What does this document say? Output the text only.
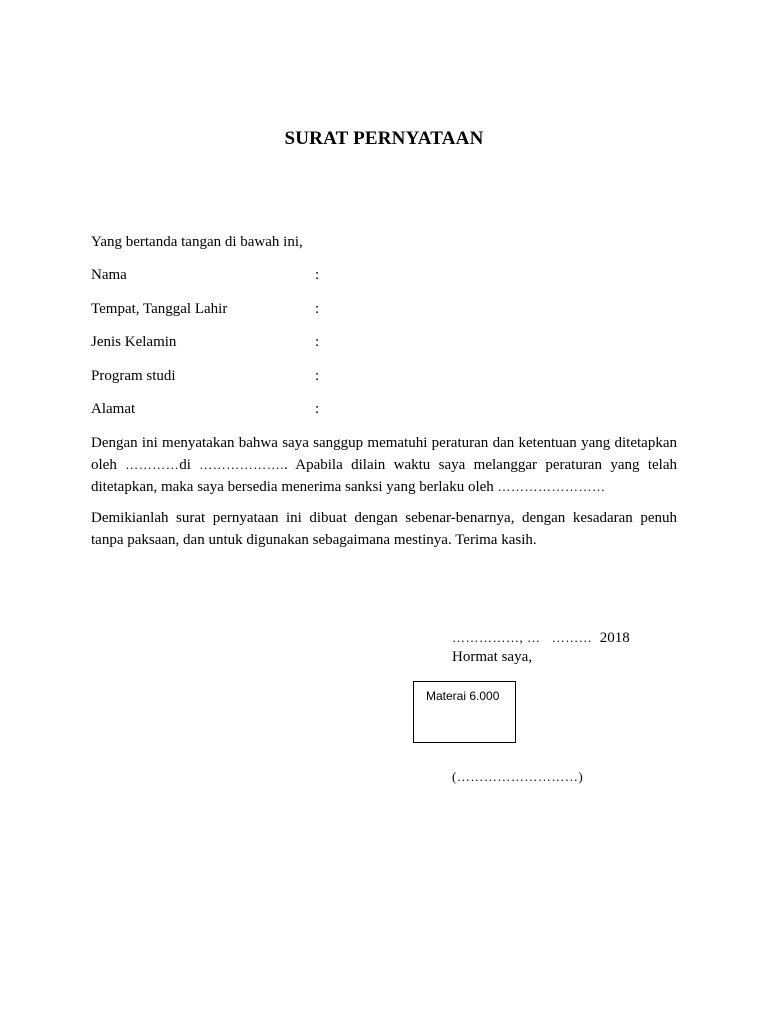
SURAT PERNYATAAN
Yang bertanda tangan di bawah ini,
Nama	:
Tempat, Tanggal Lahir	:
Jenis Kelamin	:
Program studi	:
Alamat	:
Dengan ini menyatakan bahwa saya sanggup mematuhi peraturan dan ketentuan yang ditetapkan oleh …………di ……………….. Apabila dilain waktu saya melanggar peraturan yang telah ditetapkan, maka saya bersedia menerima sanksi yang berlaku oleh ……………………
Demikianlah surat pernyataan ini dibuat dengan sebenar-benarnya, dengan kesadaran penuh tanpa paksaan, dan untuk digunakan sebagaimana mestinya. Terima kasih.
……………, … ……… 2018
Hormat saya,
Materai 6.000
(………………………)
